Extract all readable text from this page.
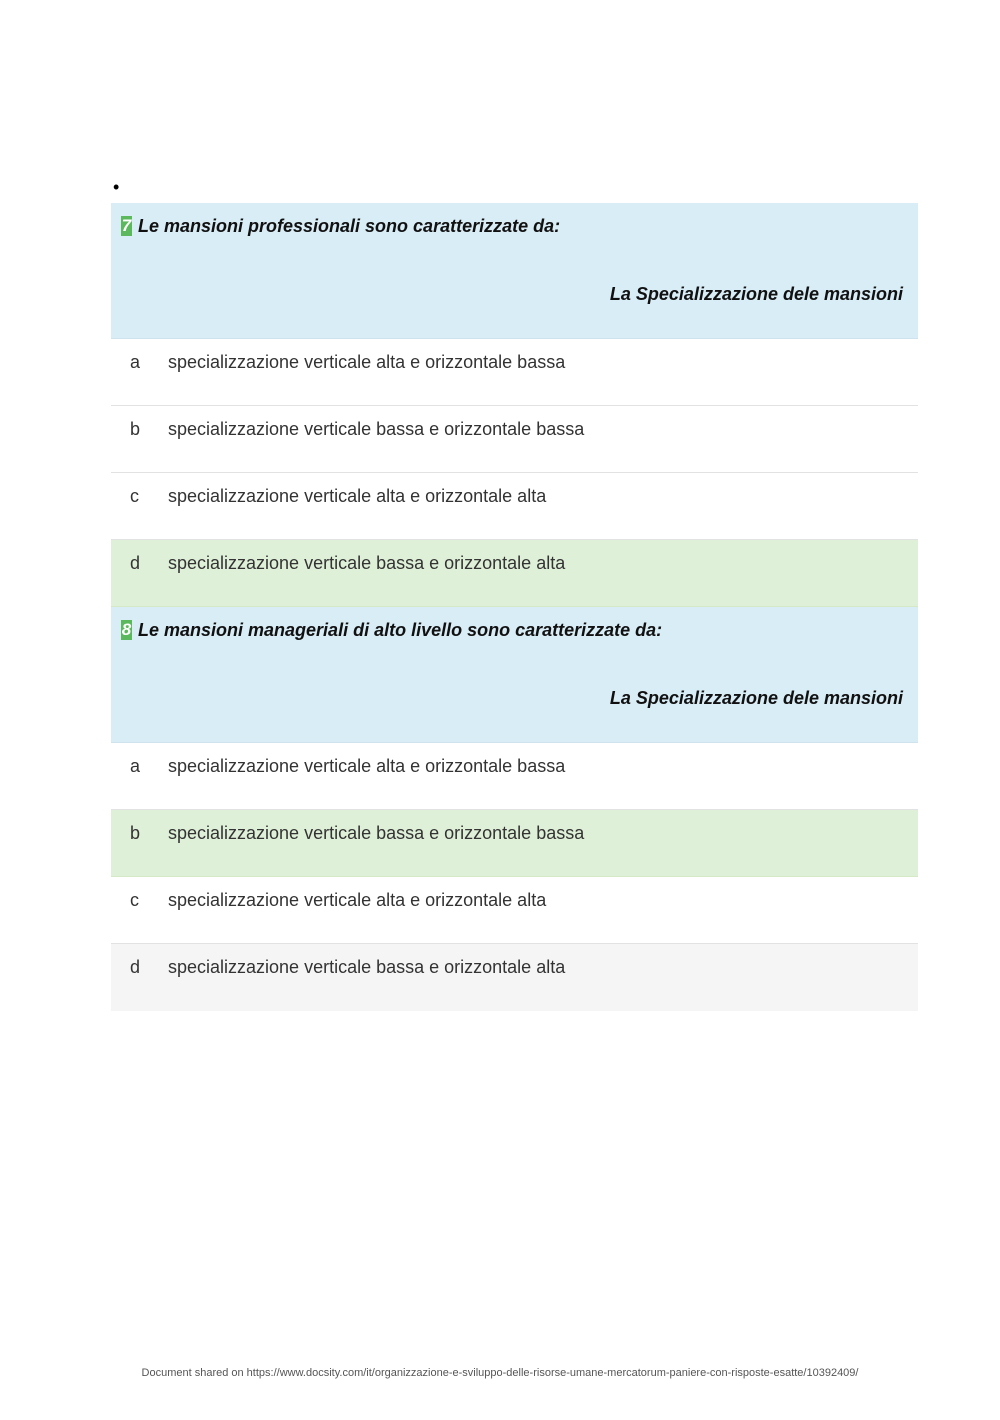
•
7 Le mansioni professionali sono caratterizzate da:
La Specializzazione dele mansioni
a specializzazione verticale alta e orizzontale bassa
b specializzazione verticale bassa e orizzontale bassa
c specializzazione verticale alta e orizzontale alta
d specializzazione verticale bassa e orizzontale alta
8 Le mansioni manageriali di alto livello sono caratterizzate da:
La Specializzazione dele mansioni
a specializzazione verticale alta e orizzontale bassa
b specializzazione verticale bassa e orizzontale bassa
c specializzazione verticale alta e orizzontale alta
d specializzazione verticale bassa e orizzontale alta
Document shared on https://www.docsity.com/it/organizzazione-e-sviluppo-delle-risorse-umane-mercatorum-paniere-con-risposte-esatte/10392409/
